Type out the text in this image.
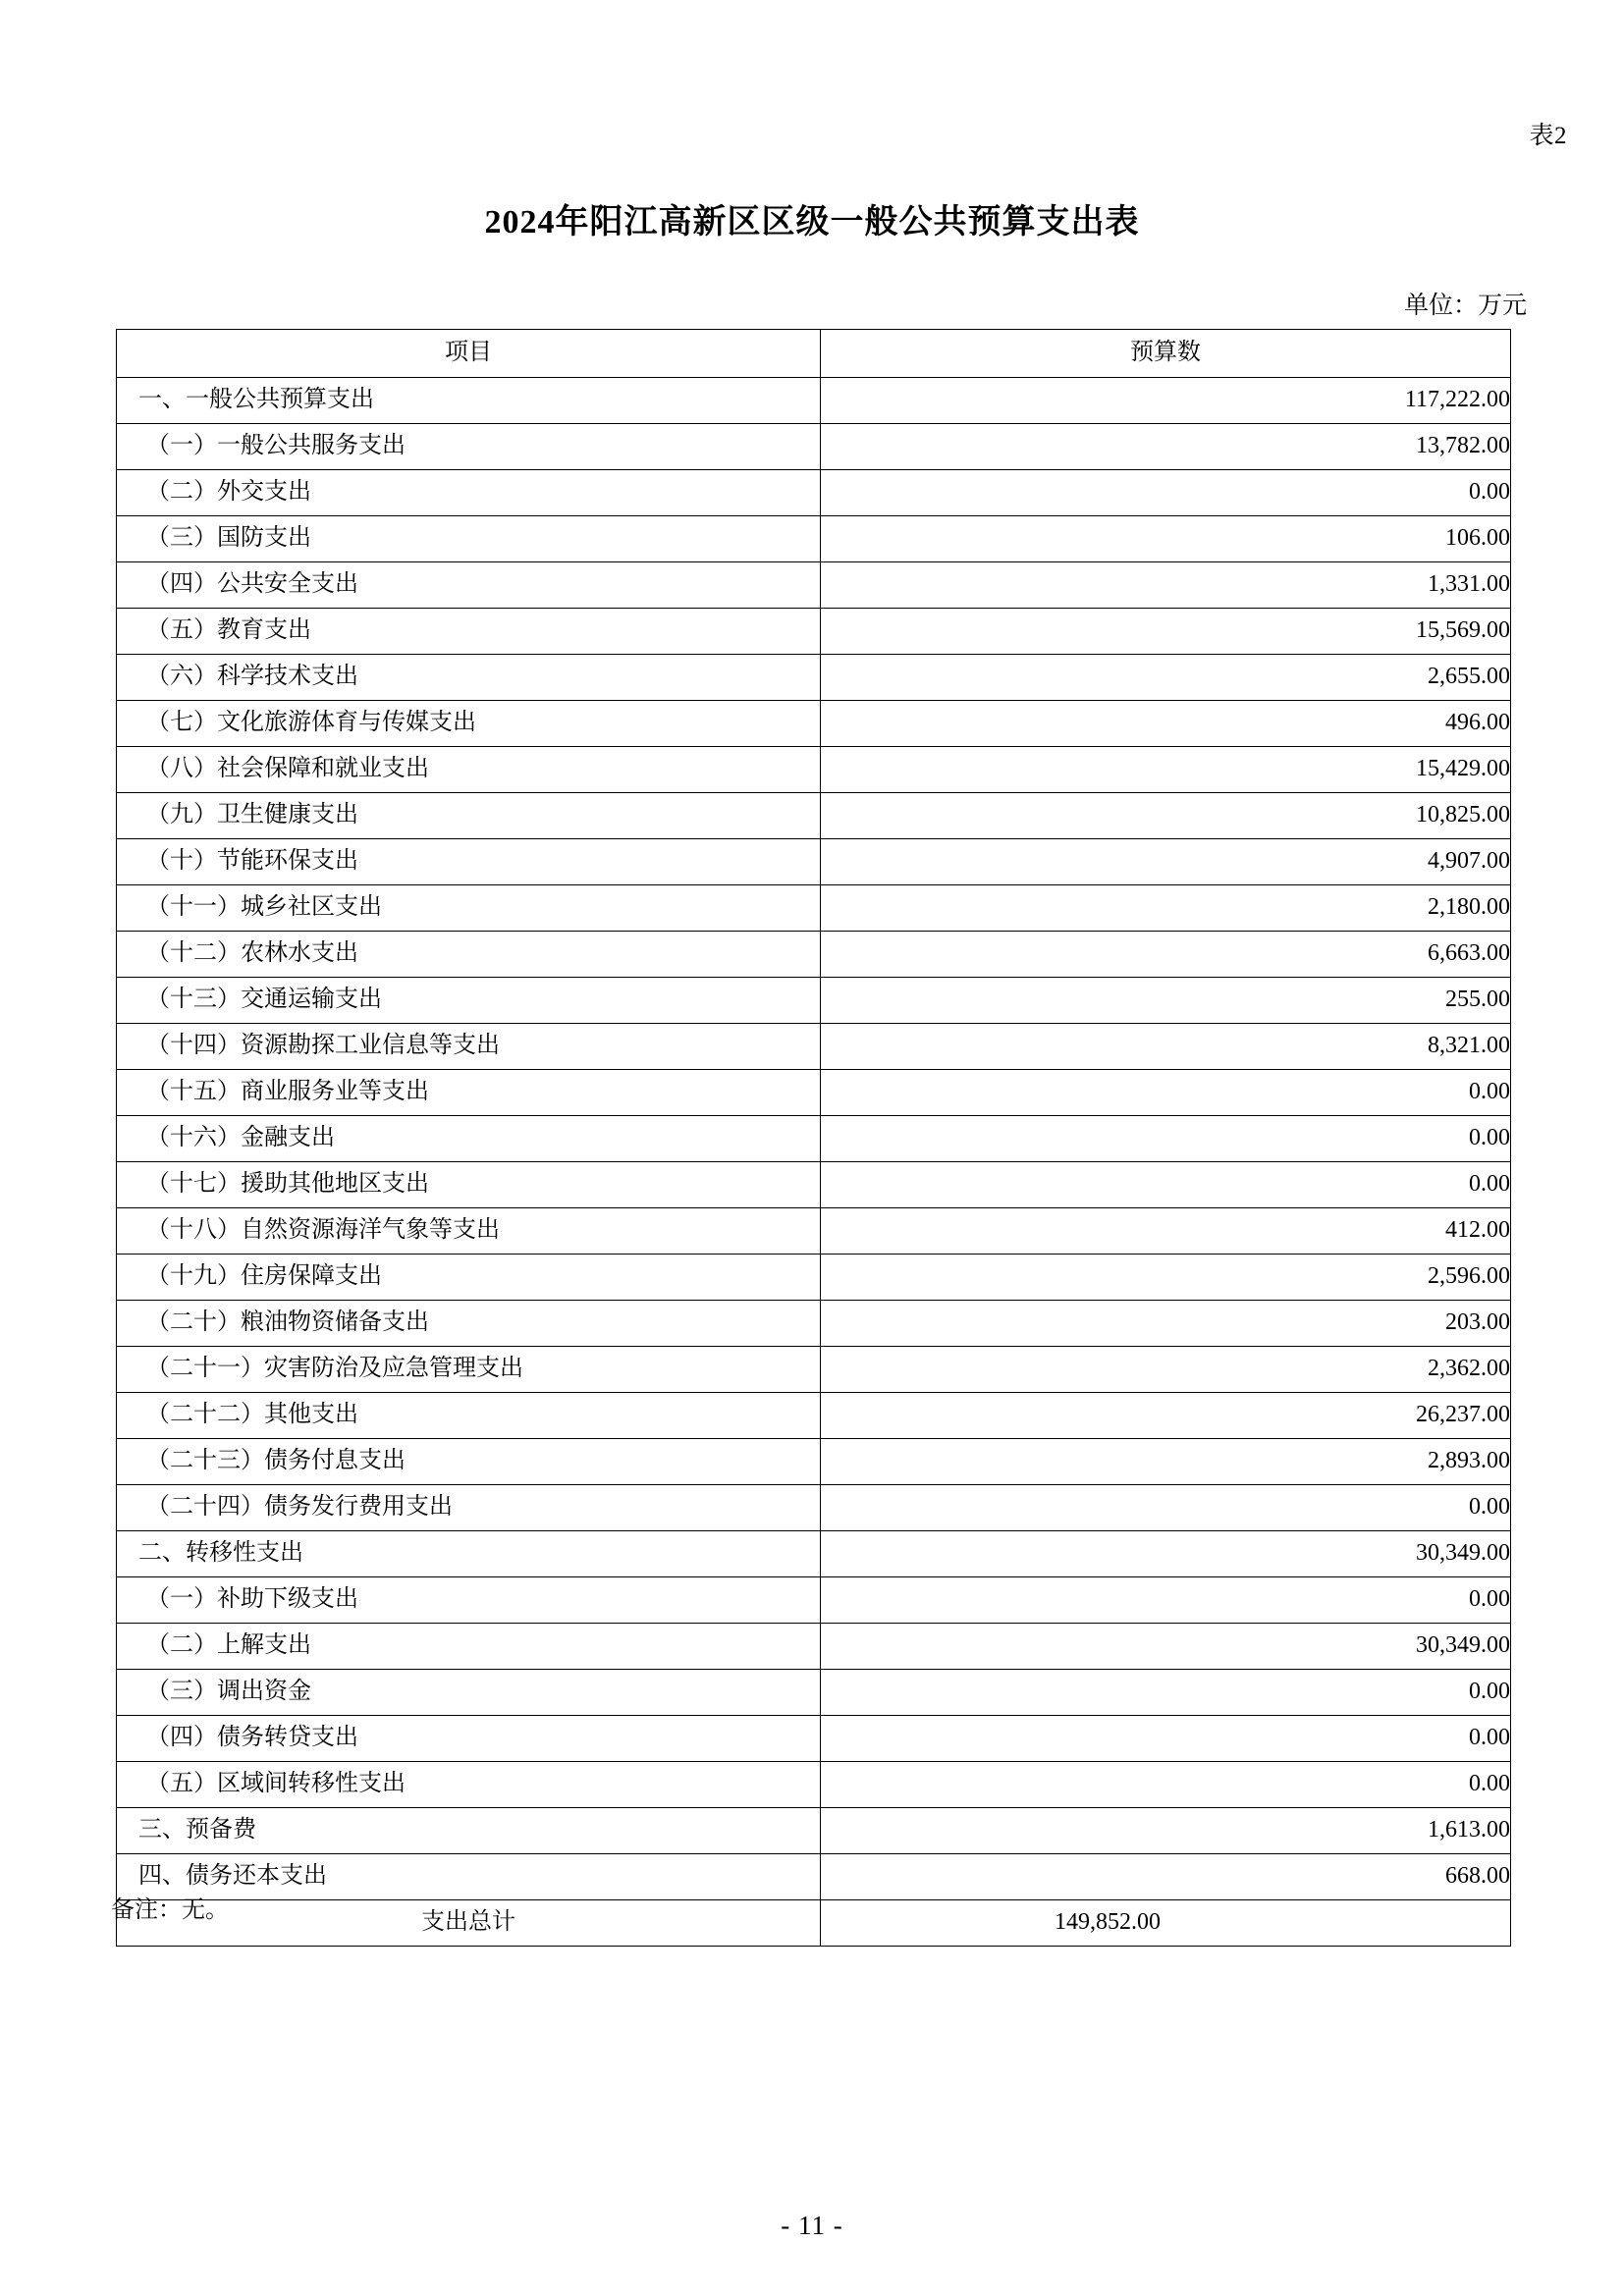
表2
2024年阳江高新区区级一般公共预算支出表
单位：万元
项目	预算数
一、一般公共预算支出	117,222.00
（一）一般公共服务支出	13,782.00
（二）外交支出	0.00
（三）国防支出	106.00
（四）公共安全支出	1,331.00
（五）教育支出	15,569.00
（六）科学技术支出	2,655.00
（七）文化旅游体育与传媒支出	496.00
（八）社会保障和就业支出	15,429.00
（九）卫生健康支出	10,825.00
（十）节能环保支出	4,907.00
（十一）城乡社区支出	2,180.00
（十二）农林水支出	6,663.00
（十三）交通运输支出	255.00
（十四）资源勘探工业信息等支出	8,321.00
（十五）商业服务业等支出	0.00
（十六）金融支出	0.00
（十七）援助其他地区支出	0.00
（十八）自然资源海洋气象等支出	412.00
（十九）住房保障支出	2,596.00
（二十）粮油物资储备支出	203.00
（二十一）灾害防治及应急管理支出	2,362.00
（二十二）其他支出	26,237.00
（二十三）债务付息支出	2,893.00
（二十四）债务发行费用支出	0.00
二、转移性支出	30,349.00
（一）补助下级支出	0.00
（二）上解支出	30,349.00
（三）调出资金	0.00
（四）债务转贷支出	0.00
（五）区域间转移性支出	0.00
三、预备费	1,613.00
四、债务还本支出	668.00
支出总计	149,852.00
备注：无。
- 11 -
